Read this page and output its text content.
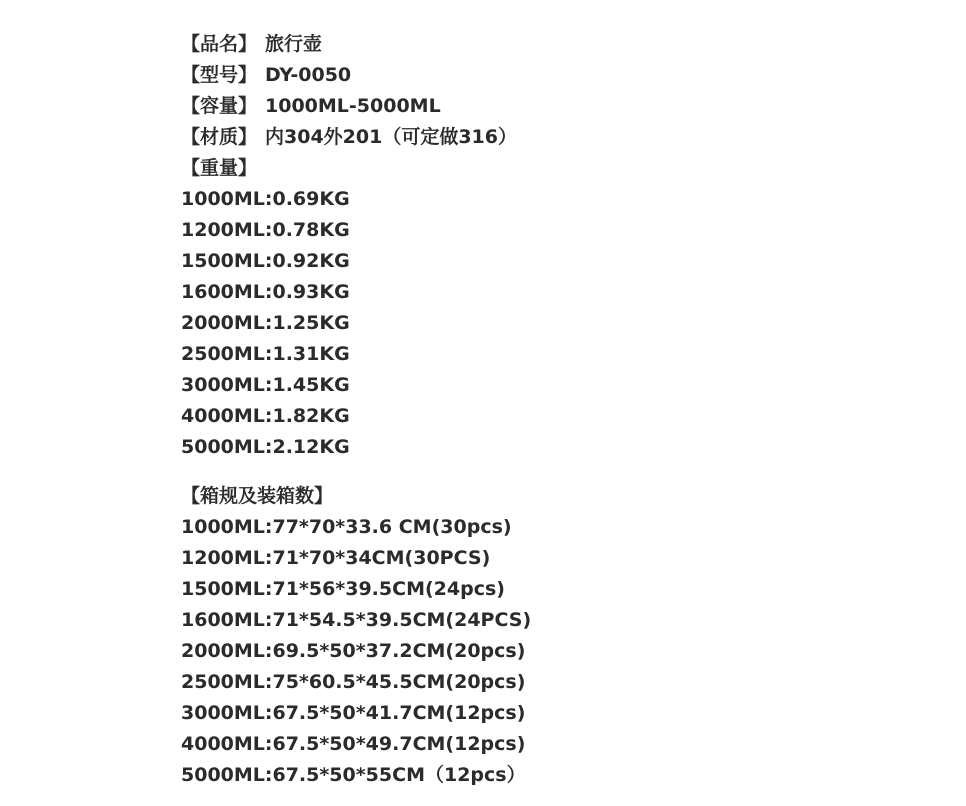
【品名】 旅行壶
【型号】 DY-0050
【容量】 1000ML-5000ML
【材质】 内304外201（可定做316）
【重量】
1000ML:0.69KG
1200ML:0.78KG
1500ML:0.92KG
1600ML:0.93KG
2000ML:1.25KG
2500ML:1.31KG
3000ML:1.45KG
4000ML:1.82KG
5000ML:2.12KG
【箱规及装箱数】
1000ML:77*70*33.6 CM(30pcs)
1200ML:71*70*34CM(30PCS)
1500ML:71*56*39.5CM(24pcs)
1600ML:71*54.5*39.5CM(24PCS)
2000ML:69.5*50*37.2CM(20pcs)
2500ML:75*60.5*45.5CM(20pcs)
3000ML:67.5*50*41.7CM(12pcs)
4000ML:67.5*50*49.7CM(12pcs)
5000ML:67.5*50*55CM（12pcs）
